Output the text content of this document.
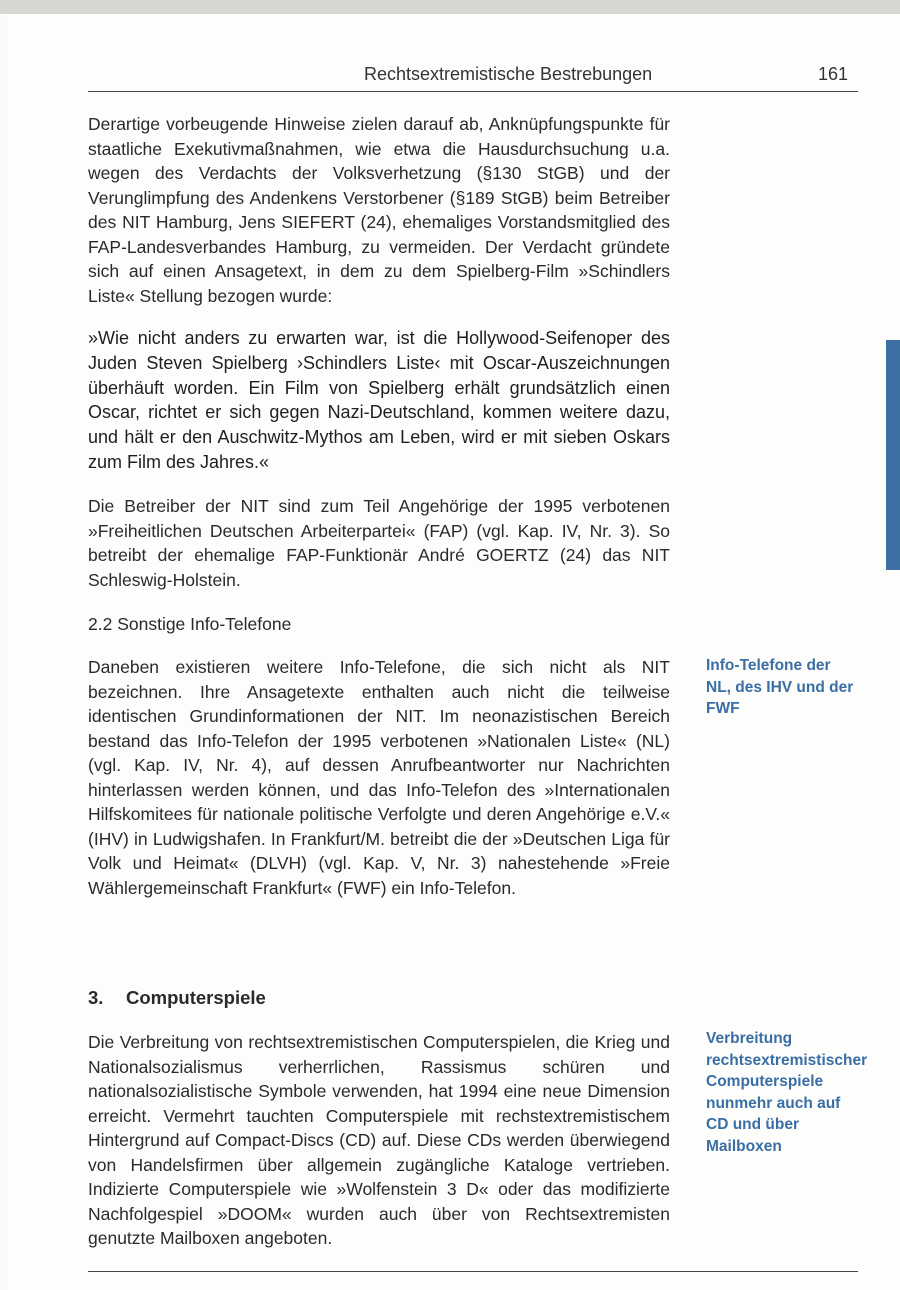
Rechtsextremistische Bestrebungen	161

Derartige vorbeugende Hinweise zielen darauf ab, Anknüpfungspunkte für staatliche Exekutivmaßnahmen, wie etwa die Hausdurchsuchung u.a. wegen des Verdachts der Volksverhetzung (§130 StGB) und der Verunglimpfung des Andenkens Verstorbener (§189 StGB) beim Betreiber des NIT Hamburg, Jens SIEFERT (24), ehemaliges Vorstandsmitglied des FAP-Landesverbandes Hamburg, zu vermeiden. Der Verdacht gründete sich auf einen Ansagetext, in dem zu dem Spielberg-Film »Schindlers Liste« Stellung bezogen wurde:

»Wie nicht anders zu erwarten war, ist die Hollywood-Seifenoper des Juden Steven Spielberg ›Schindlers Liste‹ mit Oscar-Auszeichnungen überhäuft worden. Ein Film von Spielberg erhält grundsätzlich einen Oscar, richtet er sich gegen Nazi-Deutschland, kommen weitere dazu, und hält er den Auschwitz-Mythos am Leben, wird er mit sieben Oskars zum Film des Jahres.«

Die Betreiber der NIT sind zum Teil Angehörige der 1995 verbotenen »Freiheitlichen Deutschen Arbeiterpartei« (FAP) (vgl. Kap. IV, Nr. 3). So betreibt der ehemalige FAP-Funktionär André GOERTZ (24) das NIT Schleswig-Holstein.

2.2 Sonstige Info-Telefone

Daneben existieren weitere Info-Telefone, die sich nicht als NIT bezeichnen. Ihre Ansagetexte enthalten auch nicht die teilweise identischen Grundinformationen der NIT. Im neonazistischen Bereich bestand das Info-Telefon der 1995 verbotenen »Nationalen Liste« (NL) (vgl. Kap. IV, Nr. 4), auf dessen Anrufbeantworter nur Nachrichten hinterlassen werden können, und das Info-Telefon des »Internationalen Hilfskomitees für nationale politische Verfolgte und deren Angehörige e.V.« (IHV) in Ludwigshafen. In Frankfurt/M. betreibt die der »Deutschen Liga für Volk und Heimat« (DLVH) (vgl. Kap. V, Nr. 3) nahestehende »Freie Wählergemeinschaft Frankfurt« (FWF) ein Info-Telefon.

Info-Telefone der NL, des IHV und der FWF

3. Computerspiele

Die Verbreitung von rechtsextremistischen Computerspielen, die Krieg und Nationalsozialismus verherrlichen, Rassismus schüren und nationalsozialistische Symbole verwenden, hat 1994 eine neue Dimension erreicht. Vermehrt tauchten Computerspiele mit rechstextremistischem Hintergrund auf Compact-Discs (CD) auf. Diese CDs werden überwiegend von Handelsfirmen über allgemein zugängliche Kataloge vertrieben. Indizierte Computerspiele wie »Wolfenstein 3 D« oder das modifizierte Nachfolgespiel »DOOM« wurden auch über von Rechtsextremisten genutzte Mailboxen angeboten.

Verbreitung rechtsextremistischer Computerspiele nunmehr auch auf CD und über Mailboxen
